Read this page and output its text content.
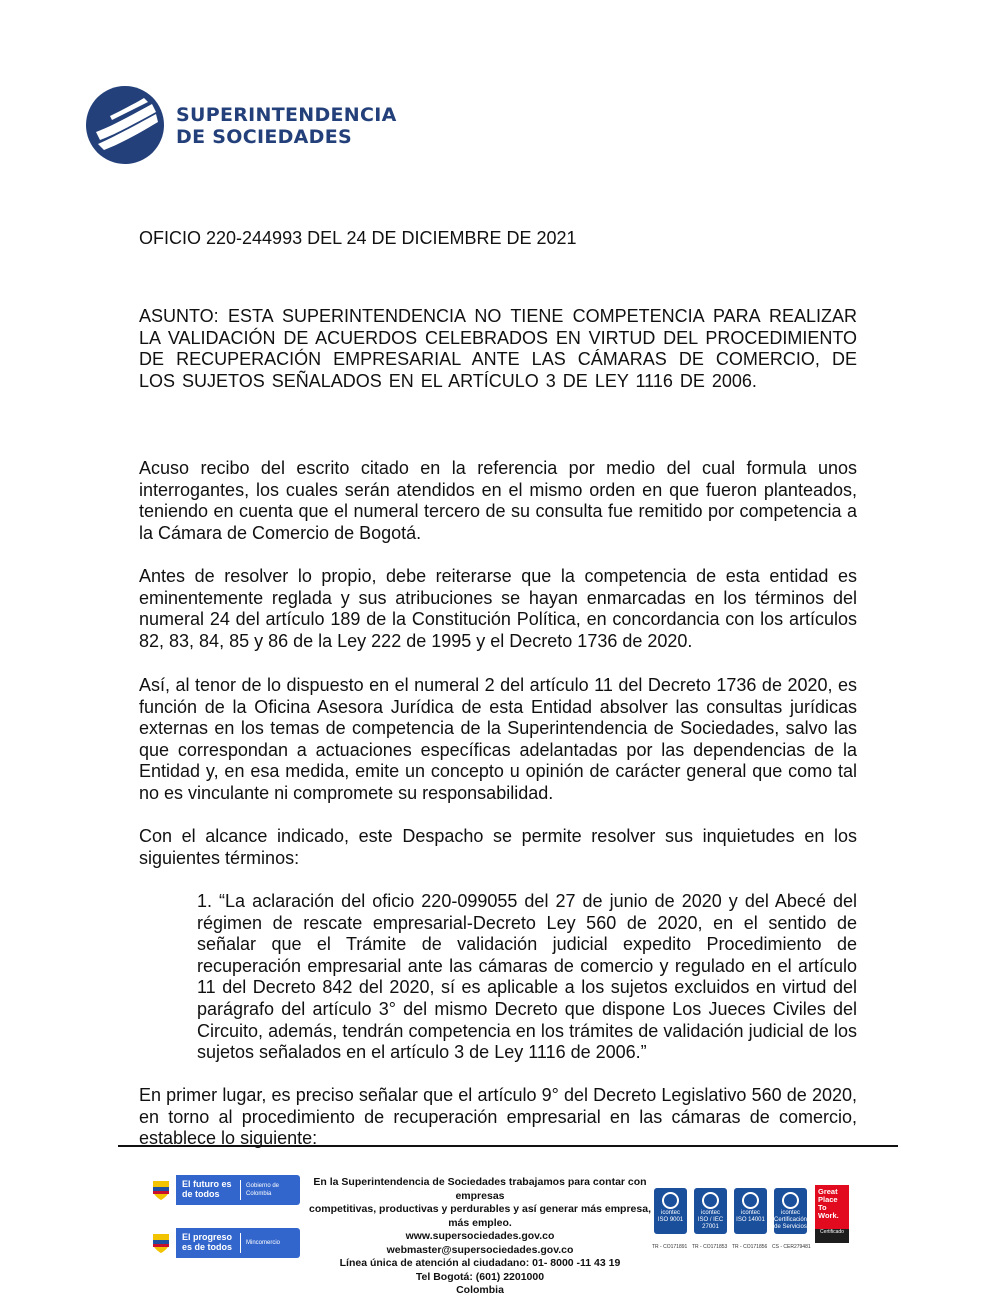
SUPERINTENDENCIA
DE SOCIEDADES
OFICIO 220-244993 DEL 24 DE DICIEMBRE DE 2021
ASUNTO: ESTA SUPERINTENDENCIA NO TIENE COMPETENCIA PARA REALIZAR LA VALIDACIÓN DE ACUERDOS CELEBRADOS EN VIRTUD DEL PROCEDIMIENTO DE RECUPERACIÓN EMPRESARIAL ANTE LAS CÁMARAS DE COMERCIO, DE LOS SUJETOS SEÑALADOS EN EL ARTÍCULO 3 DE LEY 1116 DE 2006.
Acuso recibo del escrito citado en la referencia por medio del cual formula unos interrogantes, los cuales serán atendidos en el mismo orden en que fueron planteados, teniendo en cuenta que el numeral tercero de su consulta fue remitido por competencia a la Cámara de Comercio de Bogotá.
Antes de resolver lo propio, debe reiterarse que la competencia de esta entidad es eminentemente reglada y sus atribuciones se hayan enmarcadas en los términos del numeral 24 del artículo 189 de la Constitución Política, en concordancia con los artículos 82, 83, 84, 85 y 86 de la Ley 222 de 1995 y el Decreto 1736 de 2020.
Así, al tenor de lo dispuesto en el numeral 2 del artículo 11 del Decreto 1736 de 2020, es función de la Oficina Asesora Jurídica de esta Entidad absolver las consultas jurídicas externas en los temas de competencia de la Superintendencia de Sociedades, salvo las que correspondan a actuaciones específicas adelantadas por las dependencias de la Entidad y, en esa medida, emite un concepto u opinión de carácter general que como tal no es vinculante ni compromete su responsabilidad.
Con el alcance indicado, este Despacho se permite resolver sus inquietudes en los siguientes términos:
1. “La aclaración del oficio 220-099055 del 27 de junio de 2020 y del Abecé del régimen de rescate empresarial-Decreto Ley 560 de 2020, en el sentido de señalar que el Trámite de validación judicial expedito Procedimiento de recuperación empresarial ante las cámaras de comercio y regulado en el artículo 11 del Decreto 842 del 2020, sí es aplicable a los sujetos excluidos en virtud del parágrafo del artículo 3° del mismo Decreto que dispone Los Jueces Civiles del Circuito, además, tendrán competencia en los trámites de validación judicial de los sujetos señalados en el artículo 3 de Ley 1116 de 2006.”
En primer lugar, es preciso señalar que el artículo 9° del Decreto Legislativo 560 de 2020, en torno al procedimiento de recuperación empresarial en las cámaras de comercio, establece lo siguiente:
El futuro es de todos
Gobierno de Colombia
El progreso es de todos	Mincomercio
En la Superintendencia de Sociedades trabajamos para contar con empresas
competitivas, productivas y perdurables y así generar más empresa, más empleo.
www.supersociedades.gov.co
webmaster@supersociedades.gov.co
Línea única de atención al ciudadano: 01- 8000 -11 43 19
Tel Bogotá: (601) 2201000
Colombia
icontec
ISO 9001
icontec
ISO / IEC 27001
icontec
ISO 14001
icontec
Certificación de Servicios
TR - CO171891 TR - CO171853 TR - CO171856 CS - CER279481
Great
Place
To
Work.
Certificado
